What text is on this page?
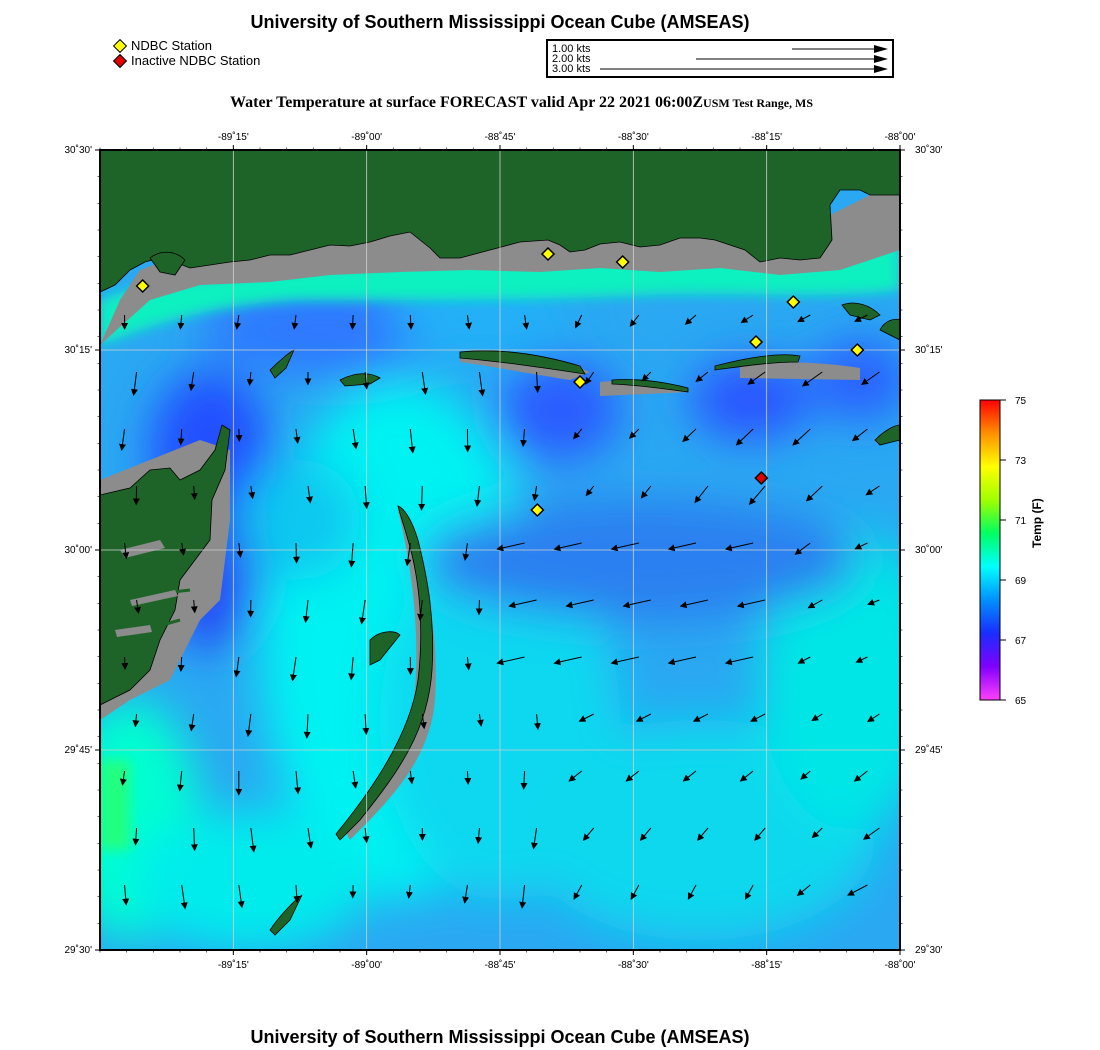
University of Southern Mississippi Ocean Cube (AMSEAS)
NDBC Station
Inactive NDBC Station
1.00 kts
2.00 kts
3.00 kts
Water Temperature at surface FORECAST valid Apr 22 2021 06:00ZUSM Test Range, MS
-89˚15'
-89˚15'
-89˚00'
-89˚00'
-88˚45'
-88˚45'
-88˚30'
-88˚30'
-88˚15'
-88˚15'
-88˚00'
-88˚00'
30˚30'	30˚30'
30˚15'	30˚15'
30˚00'	30˚00'
29˚45'	29˚45'
29˚30'	29˚30'
75
73
71
69
67
65
Temp (F)
University of Southern Mississippi Ocean Cube (AMSEAS)
